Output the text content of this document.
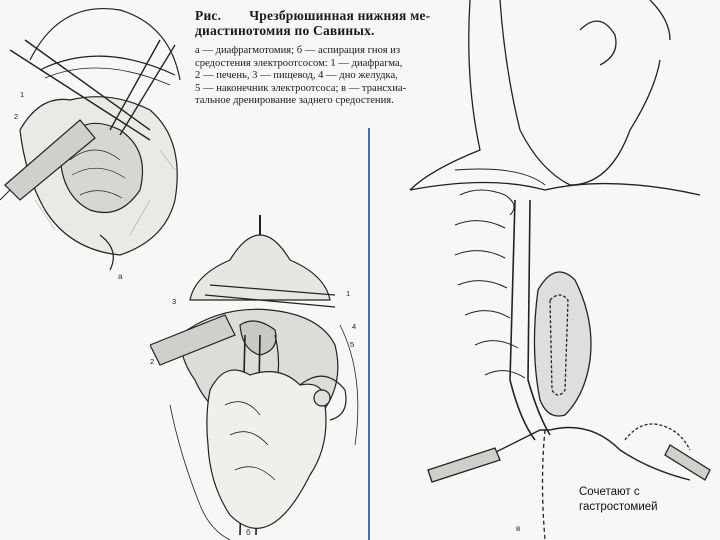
1
2
а
Рис. Чрезбрюшинная нижняя ме-
диастинотомия по Савиных.
а — диафрагмотомия; б — аспирация гноя из
средостения электроотсосом: 1 — диафрагма,
2 — печень, 3 — пищевод, 4 — дно желудка,
5 — наконечник электроотсоса; в — трансхиа-
тальное дренирование заднего средостения.
1
3
4
2
5
б	в
Сочетают с
гастростомией
